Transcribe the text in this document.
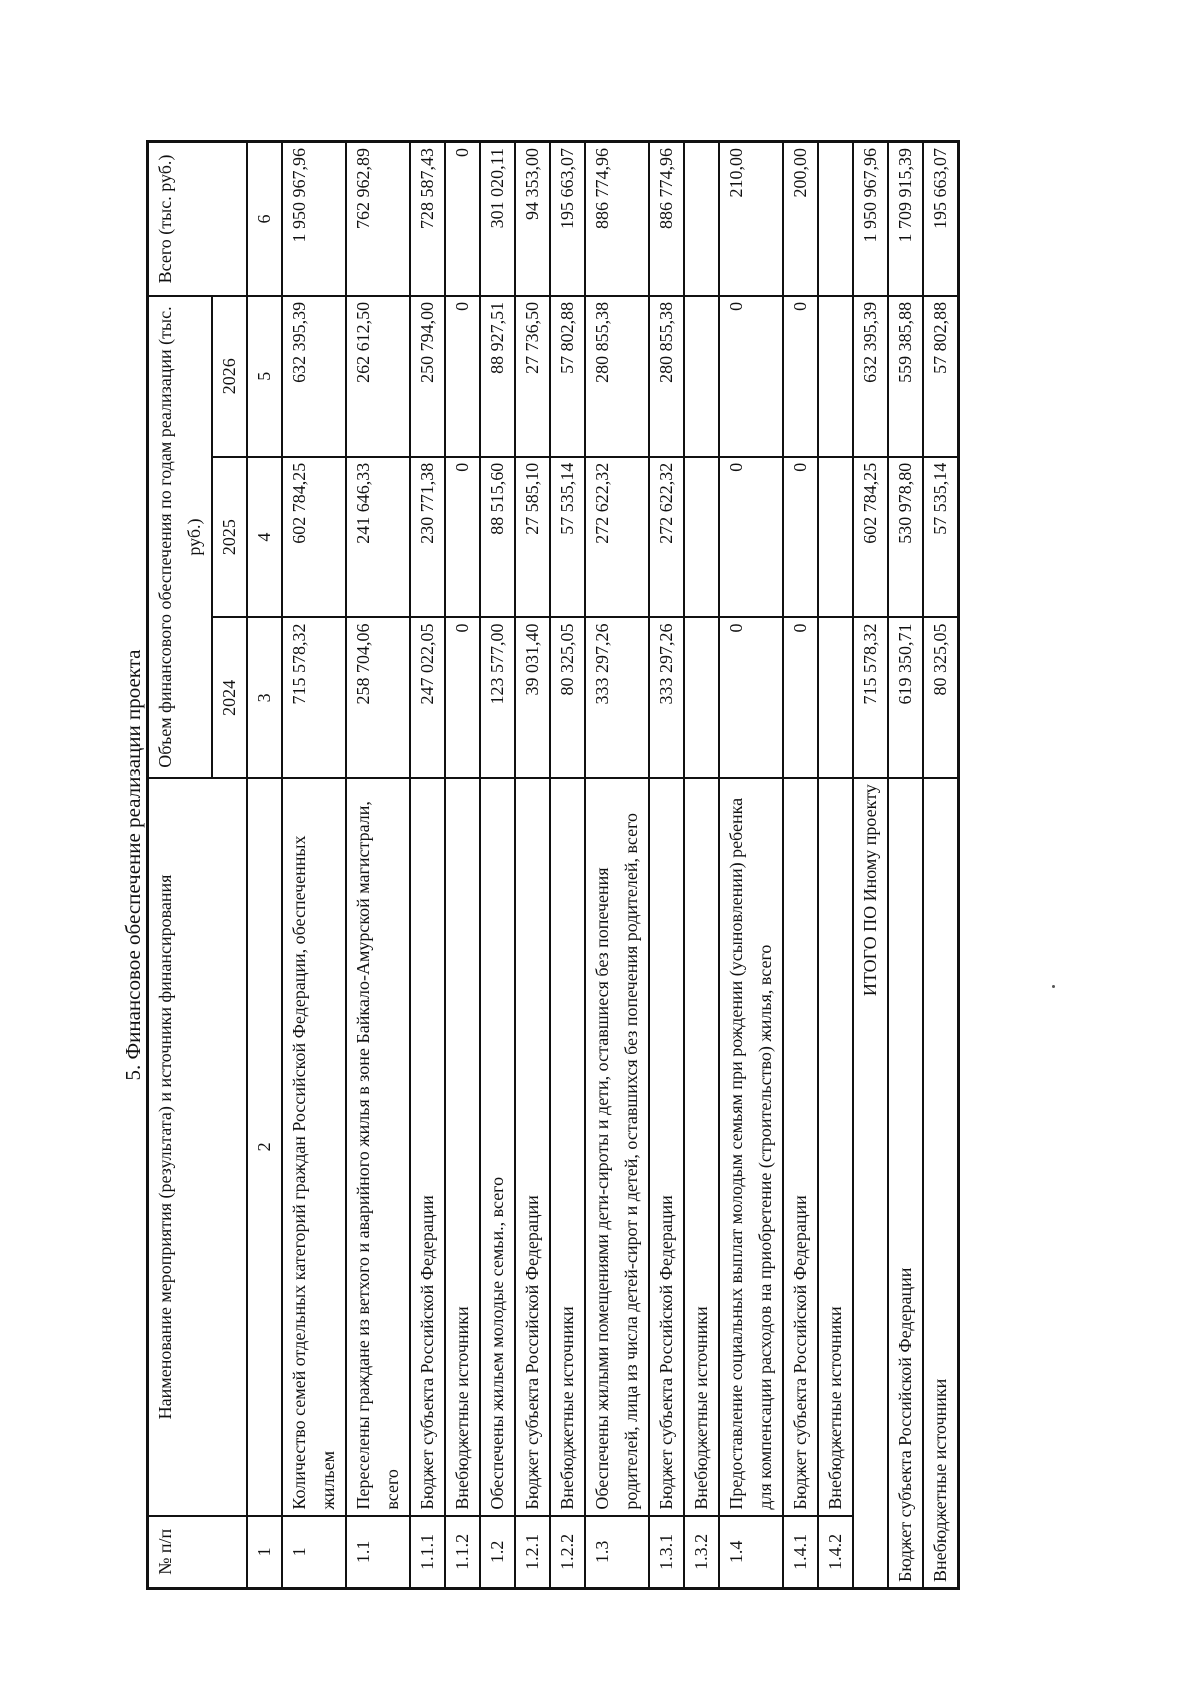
5. Финансовое обеспечение реализации проекта
№ п/п	Наименование мероприятия (результата) и источники финансирования	Объем финансового обеспечения по годам реализации (тыс. руб.)			Всего (тыс. руб.)
		2024	2025	2026	
1	2	3	4	5	6
1	Количество семей отдельных категорий граждан Российской Федерации, обеспеченных жильем	715 578,32	602 784,25	632 395,39	1 950 967,96
1.1	Переселены граждане из ветхого и аварийного жилья в зоне Байкало-Амурской магистрали, всего	258 704,06	241 646,33	262 612,50	762 962,89
1.1.1	Бюджет субъекта Российской Федерации	247 022,05	230 771,38	250 794,00	728 587,43
1.1.2	Внебюджетные источники	0	0	0	0
1.2	Обеспечены жильем молодые семьи., всего	123 577,00	88 515,60	88 927,51	301 020,11
1.2.1	Бюджет субъекта Российской Федерации	39 031,40	27 585,10	27 736,50	94 353,00
1.2.2	Внебюджетные источники	80 325,05	57 535,14	57 802,88	195 663,07
1.3	Обеспечены жилыми помещениями дети-сироты и дети, оставшиеся без попечения родителей, лица из числа детей-сирот и детей, оставшихся без попечения родителей, всего	333 297,26	272 622,32	280 855,38	886 774,96
1.3.1	Бюджет субъекта Российской Федерации	333 297,26	272 622,32	280 855,38	886 774,96
1.3.2	Внебюджетные источники				
1.4	Предоставление социальных выплат молодым семьям при рождении (усыновлении) ребенка для компенсации расходов на приобретение (строительство) жилья, всего	0	0	0	210,00
1.4.1	Бюджет субъекта Российской Федерации	0	0	0	200,00
1.4.2	Внебюджетные источники				
ИТОГО ПО Иному проекту		715 578,32	602 784,25	632 395,39	1 950 967,96
Бюджет субъекта Российской Федерации		619 350,71	530 978,80	559 385,88	1 709 915,39
Внебюджетные источники		80 325,05	57 535,14	57 802,88	195 663,07
